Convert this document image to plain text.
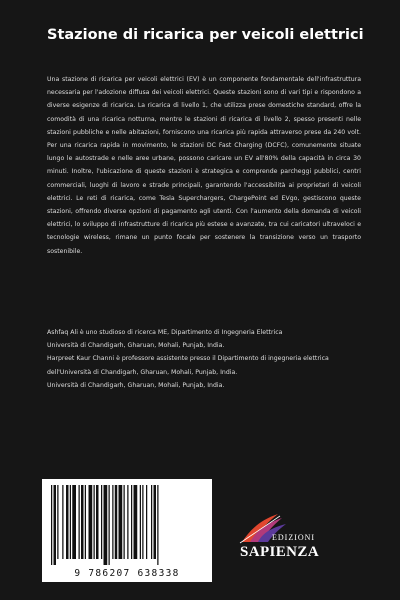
Stazione di ricarica per veicoli elettrici

Una stazione di ricarica per veicoli elettrici (EV) è un componente fondamentale dell'infrastruttura necessaria per l'adozione diffusa dei veicoli elettrici. Queste stazioni sono di vari tipi e rispondono a diverse esigenze di ricarica. La ricarica di livello 1, che utilizza prese domestiche standard, offre la comodità di una ricarica notturna, mentre le stazioni di ricarica di livello 2, spesso presenti nelle stazioni pubbliche e nelle abitazioni, forniscono una ricarica più rapida attraverso prese da 240 volt. Per una ricarica rapida in movimento, le stazioni DC Fast Charging (DCFC), comunemente situate lungo le autostrade e nelle aree urbane, possono caricare un EV all'80% della capacità in circa 30 minuti. Inoltre, l'ubicazione di queste stazioni è strategica e comprende parcheggi pubblici, centri commerciali, luoghi di lavoro e strade principali, garantendo l'accessibilità ai proprietari di veicoli elettrici. Le reti di ricarica, come Tesla Superchargers, ChargePoint ed EVgo, gestiscono queste stazioni, offrendo diverse opzioni di pagamento agli utenti. Con l'aumento della domanda di veicoli elettrici, lo sviluppo di infrastrutture di ricarica più estese e avanzate, tra cui caricatori ultraveloci e tecnologie wireless, rimane un punto focale per sostenere la transizione verso un trasporto sostenibile.

Ashfaq Ali è uno studioso di ricerca ME, Dipartimento di Ingegneria Elettrica

Università di Chandigarh, Gharuan, Mohali, Punjab, India.

Harpreet Kaur Channi è professore assistente presso il Dipartimento di ingegneria elettrica dell'Università di Chandigarh, Gharuan, Mohali, Punjab, India.

Università di Chandigarh, Gharuan, Mohali, Punjab, India.

9 786207 638338
EDIZIONI
SAPIENZA
